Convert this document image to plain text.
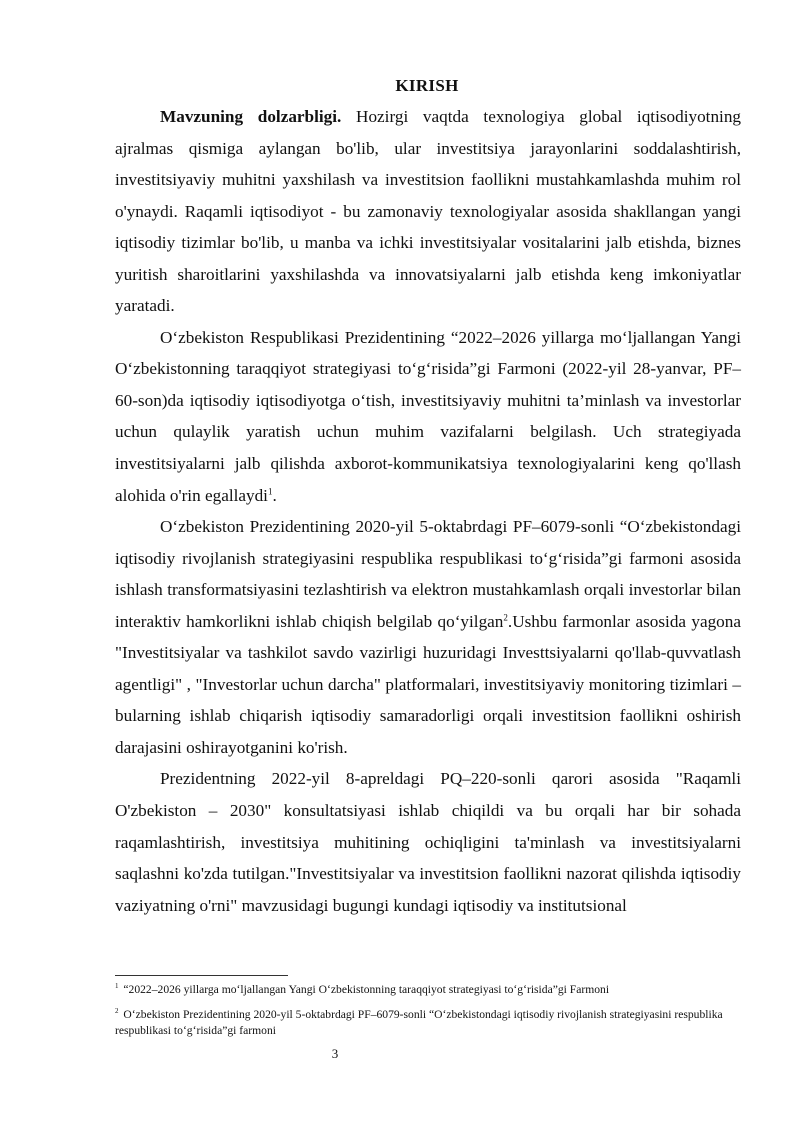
KIRISH

Mavzuning dolzarbligi. Hozirgi vaqtda texnologiya global iqtisodiyotning ajralmas qismiga aylangan bo'lib, ular investitsiya jarayonlarini soddalashtirish, investitsiyaviy muhitni yaxshilash va investitsion faollikni mustahkamlashda muhim rol o'ynaydi. Raqamli iqtisodiyot - bu zamonaviy texnologiyalar asosida shakllangan yangi iqtisodiy tizimlar bo'lib, u manba va ichki investitsiyalar vositalarini jalb etishda, biznes yuritish sharoitlarini yaxshilashda va innovatsiyalarni jalb etishda keng imkoniyatlar yaratadi.

O‘zbekiston Respublikasi Prezidentining “2022–2026 yillarga mo‘ljallangan Yangi O‘zbekistonning taraqqiyot strategiyasi to‘g‘risida”gi Farmoni (2022-yil 28-yanvar, PF–60-son)da iqtisodiy iqtisodiyotga o‘tish, investitsiyaviy muhitni ta’minlash va investorlar uchun qulaylik yaratish uchun muhim vazifalarni belgilash. Uch strategiyada investitsiyalarni jalb qilishda axborot-kommunikatsiya texnologiyalarini keng qo'llash alohida o'rin egallaydi$^1$.

O‘zbekiston Prezidentining 2020-yil 5-oktabrdagi PF–6079-sonli “O‘zbekistondagi iqtisodiy rivojlanish strategiyasini respublika respublikasi to‘g‘risida”gi farmoni asosida ishlash transformatsiyasini tezlashtirish va elektron mustahkamlash orqali investorlar bilan interaktiv hamkorlikni ishlab chiqish belgilab qo‘yilgan$^2$.Ushbu farmonlar asosida yagona "Investitsiyalar va tashkilot savdo vazirligi huzuridagi Investtsiyalarni qo'llab-quvvatlash agentligi" , "Investorlar uchun darcha" platformalari, investitsiyaviy monitoring tizimlari – bularning ishlab chiqarish iqtisodiy samaradorligi orqali investitsion faollikni oshirish darajasini oshirayotganini ko'rish.

Prezidentning 2022-yil 8-apreldagi PQ–220-sonli qarori asosida "Raqamli O'zbekiston – 2030" konsultatsiyasi ishlab chiqildi va bu orqali har bir sohada raqamlashtirish, investitsiya muhitining ochiqligini ta'minlash va investitsiyalarni saqlashni ko'zda tutilgan."Investitsiyalar va investitsion faollikni nazorat qilishda iqtisodiy vaziyatning o'rni" mavzusidagi bugungi kundagi iqtisodiy va institutsional

$^1$ “2022–2026 yillarga mo‘ljallangan Yangi O‘zbekistonning taraqqiyot strategiyasi to‘g‘risida”gi Farmoni

$^2$ O‘zbekiston Prezidentining 2020-yil 5-oktabrdagi PF–6079-sonli “O‘zbekistondagi iqtisodiy rivojlanish strategiyasini respublika respublikasi to‘g‘risida”gi farmoni

3
